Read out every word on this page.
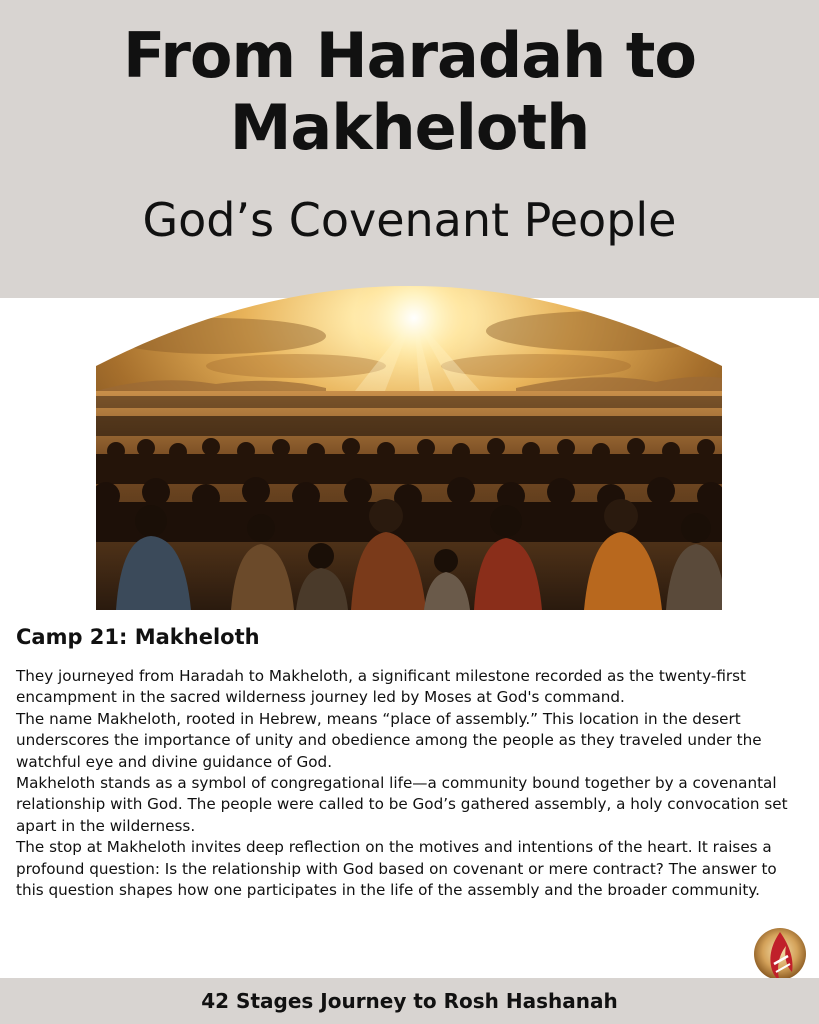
From Haradah to
Makheloth
God’s Covenant People
Camp 21: Makheloth

They journeyed from Haradah to Makheloth, a significant milestone recorded as the twenty-first encampment in the sacred wilderness journey led by Moses at God's command.

The name Makheloth, rooted in Hebrew, means “place of assembly.” This location in the desert underscores the importance of unity and obedience among the people as they traveled under the watchful eye and divine guidance of God.

Makheloth stands as a symbol of congregational life—a community bound together by a covenantal relationship with God. The people were called to be God’s gathered assembly, a holy convocation set apart in the wilderness.

The stop at Makheloth invites deep reflection on the motives and intentions of the heart. It raises a profound question: Is the relationship with God based on covenant or mere contract? The answer to this question shapes how one participates in the life of the assembly and the broader community.

42 Stages Journey to Rosh Hashanah
